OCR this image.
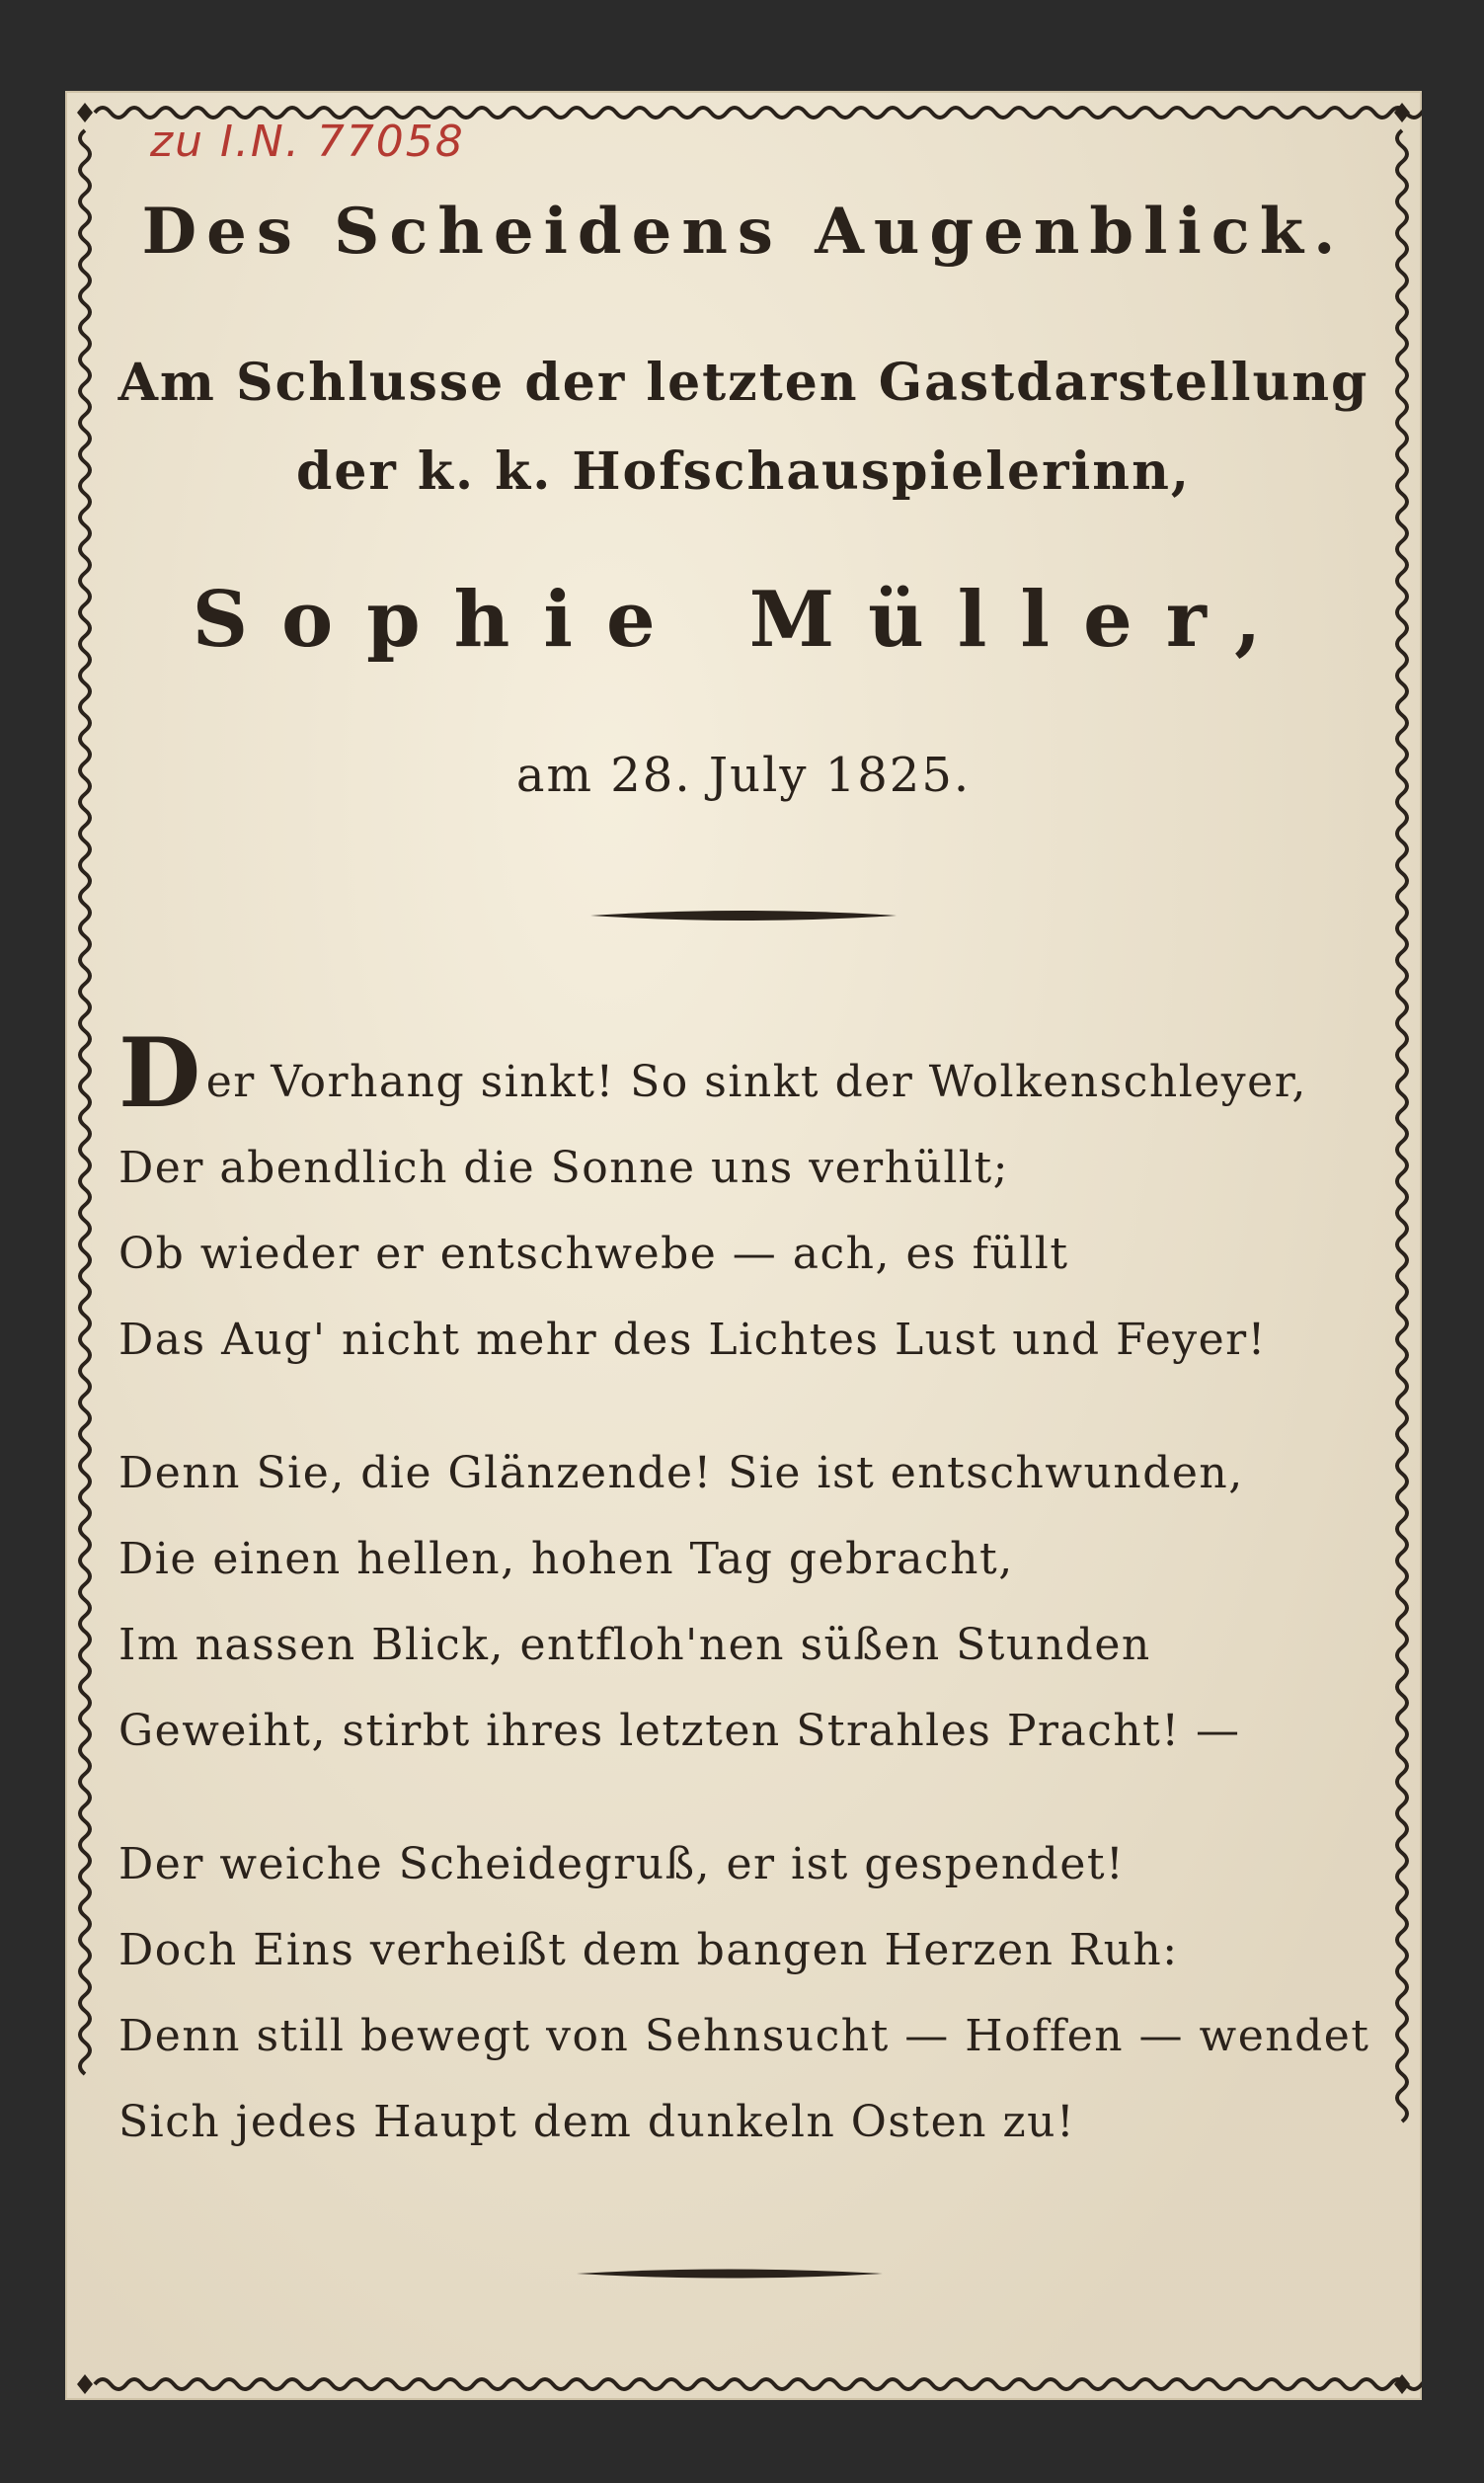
zu I.N. 77058
Des Scheidens Augenblick.
Am Schlusse der letzten Gastdarstellung
der k. k. Hofschauspielerinn,
Sophie Müller,
am 28. July 1825.
Der Vorhang sinkt! So sinkt der Wolkenschleyer,
Der abendlich die Sonne uns verhüllt;
Ob wieder er entschwebe — ach, es füllt
Das Aug' nicht mehr des Lichtes Lust und Feyer!
Denn Sie, die Glänzende! Sie ist entschwunden,
Die einen hellen, hohen Tag gebracht,
Im nassen Blick, entfloh'nen süßen Stunden
Geweiht, stirbt ihres letzten Strahles Pracht! —
Der weiche Scheidegruß, er ist gespendet!
Doch Eins verheißt dem bangen Herzen Ruh:
Denn still bewegt von Sehnsucht — Hoffen — wendet
Sich jedes Haupt dem dunkeln Osten zu!
